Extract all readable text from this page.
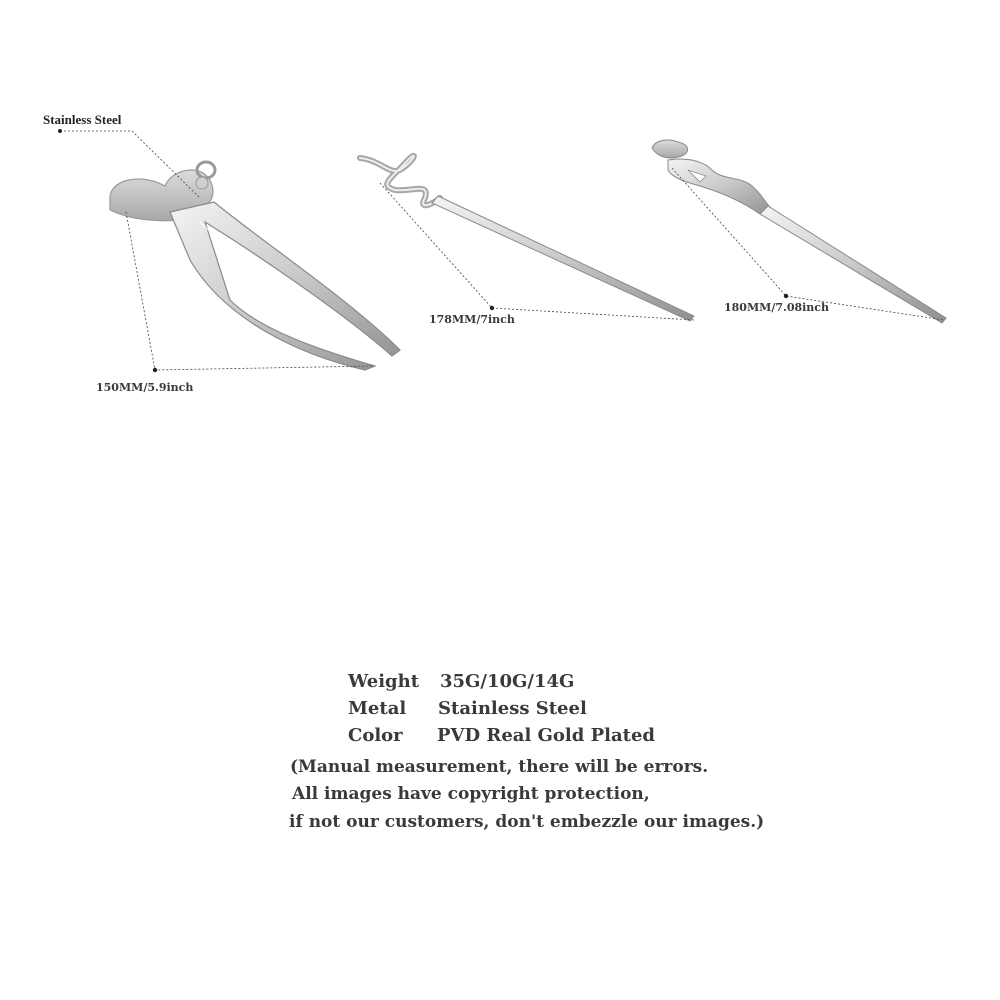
Stainless Steel
150MM/5.9inch
178MM/7inch
180MM/7.08inch
Weight 35G/10G/14G
Metal Stainless Steel
Color PVD Real Gold Plated
(Manual measurement, there will be errors.
All images have copyright protection,
if not our customers, don't embezzle our images.)
